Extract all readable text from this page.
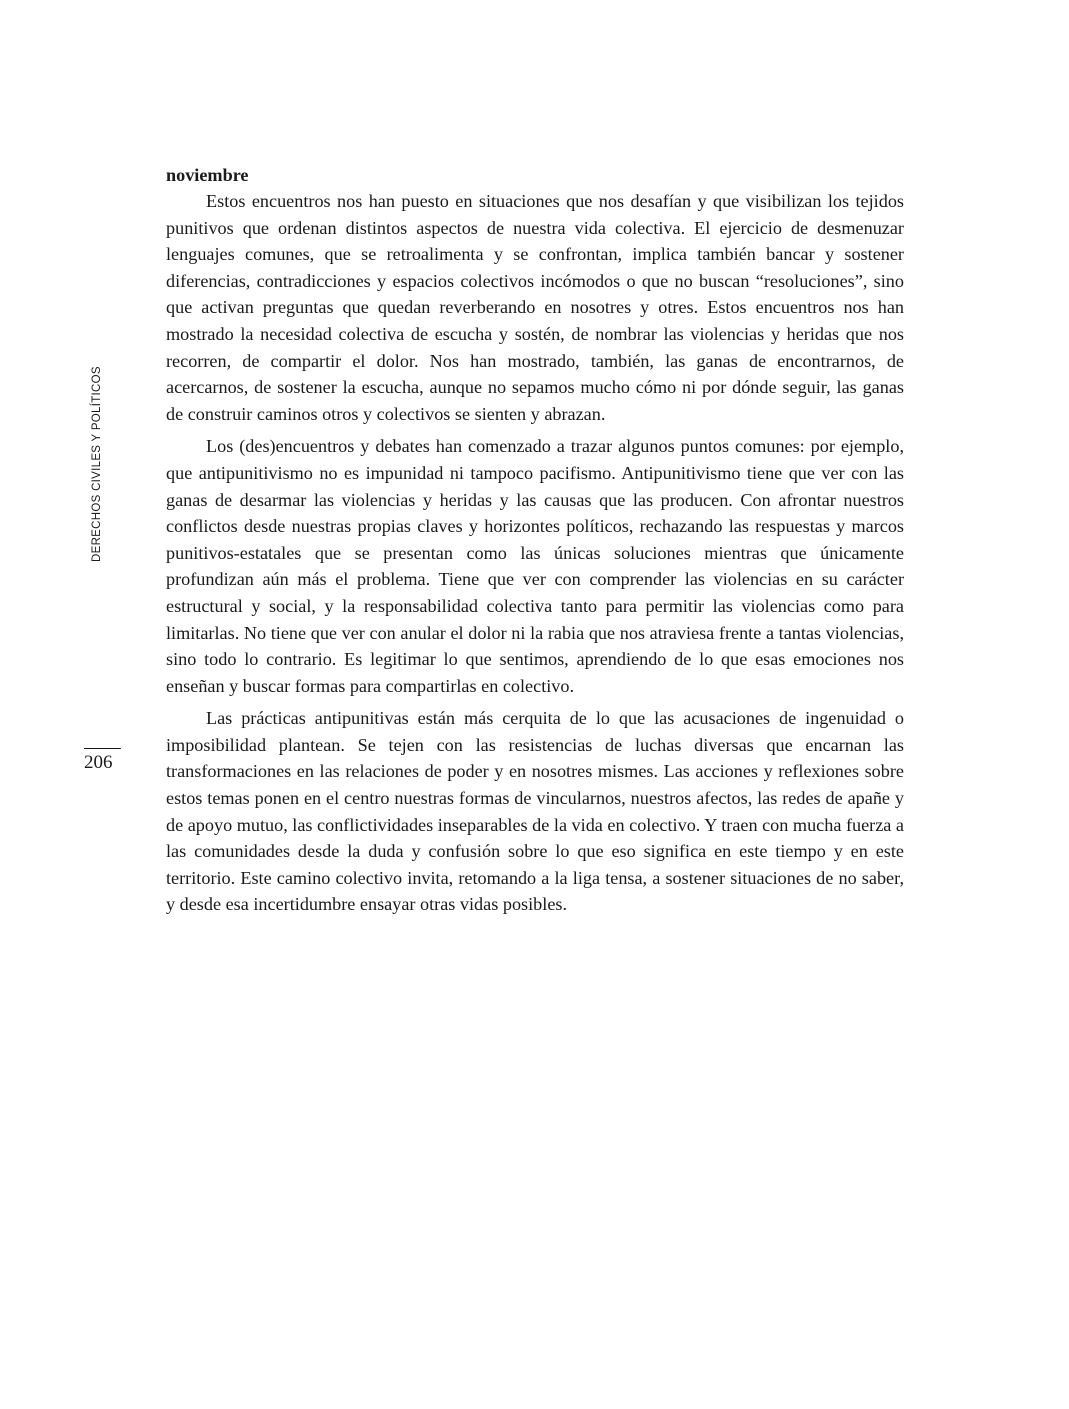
DERECHOS CIVILES Y POLÍTICOS
206
noviembre

Estos encuentros nos han puesto en situaciones que nos desafían y que visibilizan los tejidos punitivos que ordenan distintos aspectos de nuestra vida colectiva. El ejercicio de desmenuzar lenguajes comunes, que se retroalimenta y se confrontan, implica también bancar y sostener diferencias, contradicciones y espacios colectivos incómodos o que no buscan “resoluciones”, sino que activan preguntas que quedan reverberando en nosotres y otres. Estos encuentros nos han mostrado la necesidad colectiva de escucha y sostén, de nombrar las violencias y heridas que nos recorren, de compartir el dolor. Nos han mostrado, también, las ganas de encontrarnos, de acercarnos, de sostener la escucha, aunque no sepamos mucho cómo ni por dónde seguir, las ganas de construir caminos otros y colectivos se sienten y abrazan.

Los (des)encuentros y debates han comenzado a trazar algunos puntos comunes: por ejemplo, que antipunitivismo no es impunidad ni tampoco pacifismo. Antipunitivismo tiene que ver con las ganas de desarmar las violencias y heridas y las causas que las producen. Con afrontar nuestros conflictos desde nuestras propias claves y horizontes políticos, rechazando las respuestas y marcos punitivos-estatales que se presentan como las únicas soluciones mientras que únicamente profundizan aún más el problema. Tiene que ver con comprender las violencias en su carácter estructural y social, y la responsabilidad colectiva tanto para permitir las violencias como para limitarlas. No tiene que ver con anular el dolor ni la rabia que nos atraviesa frente a tantas violencias, sino todo lo contrario. Es legitimar lo que sentimos, aprendiendo de lo que esas emociones nos enseñan y buscar formas para compartirlas en colectivo.

Las prácticas antipunitivas están más cerquita de lo que las acusaciones de ingenuidad o imposibilidad plantean. Se tejen con las resistencias de luchas diversas que encarnan las transformaciones en las relaciones de poder y en nosotres mismes. Las acciones y reflexiones sobre estos temas ponen en el centro nuestras formas de vincularnos, nuestros afectos, las redes de apañe y de apoyo mutuo, las conflictividades inseparables de la vida en colectivo. Y traen con mucha fuerza a las comunidades desde la duda y confusión sobre lo que eso significa en este tiempo y en este territorio. Este camino colectivo invita, retomando a la liga tensa, a sostener situaciones de no saber, y desde esa incertidumbre ensayar otras vidas posibles.
